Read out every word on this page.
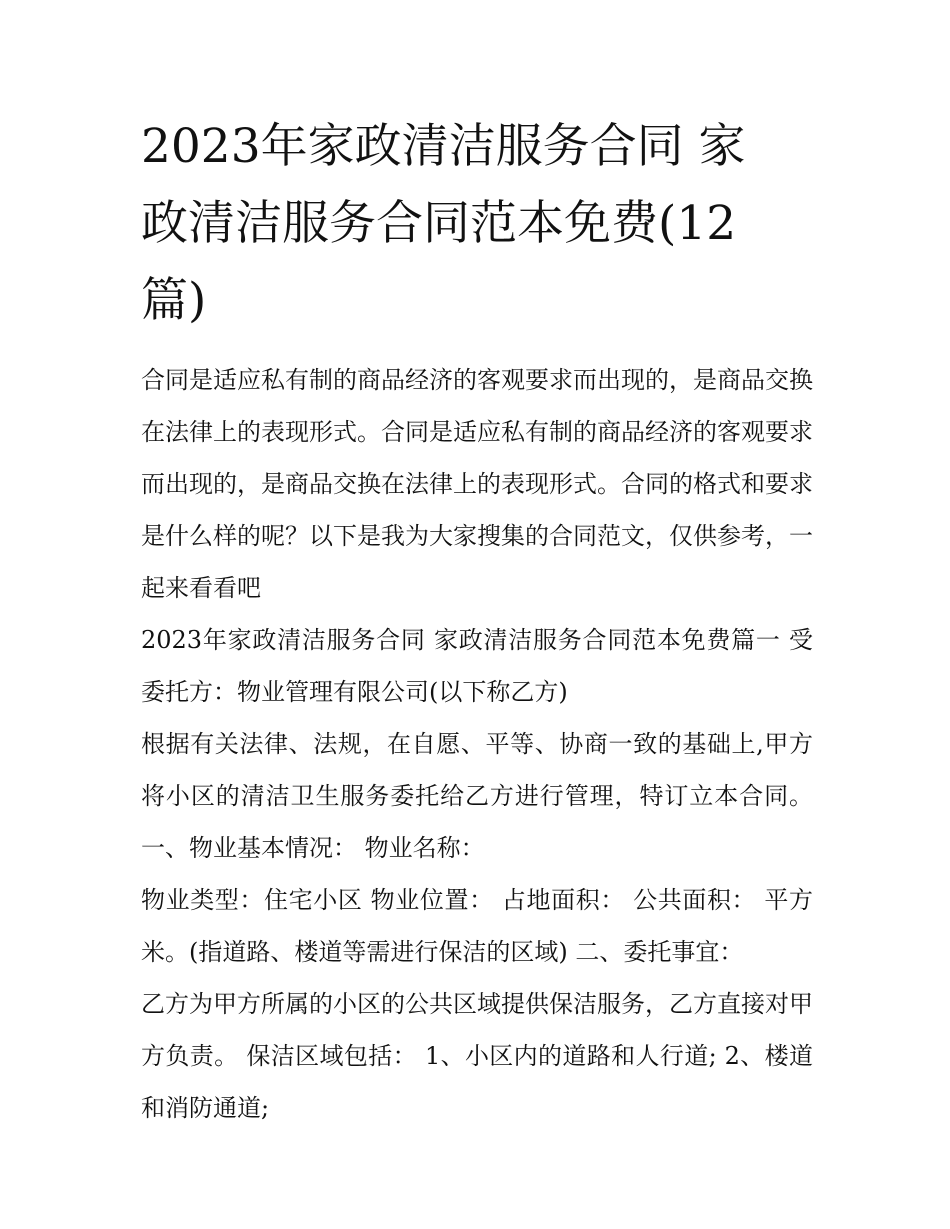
2023年家政清洁服务合同 家政清洁服务合同范本免费(12篇)

合同是适应私有制的商品经济的客观要求而出现的，是商品交换在法律上的表现形式。合同是适应私有制的商品经济的客观要求而出现的，是商品交换在法律上的表现形式。合同的格式和要求是什么样的呢？以下是我为大家搜集的合同范文，仅供参考，一起来看看吧

2023年家政清洁服务合同 家政清洁服务合同范本免费篇一 受委托方：物业管理有限公司(以下称乙方)

根据有关法律、法规，在自愿、平等、协商一致的基础上,甲方将小区的清洁卫生服务委托给乙方进行管理，特订立本合同。 一、物业基本情况： 物业名称：

物业类型：住宅小区 物业位置： 占地面积： 公共面积： 平方米。(指道路、楼道等需进行保洁的区域) 二、委托事宜：

乙方为甲方所属的小区的公共区域提供保洁服务，乙方直接对甲方负责。 保洁区域包括： 1、小区内的道路和人行道; 2、楼道和消防通道;
